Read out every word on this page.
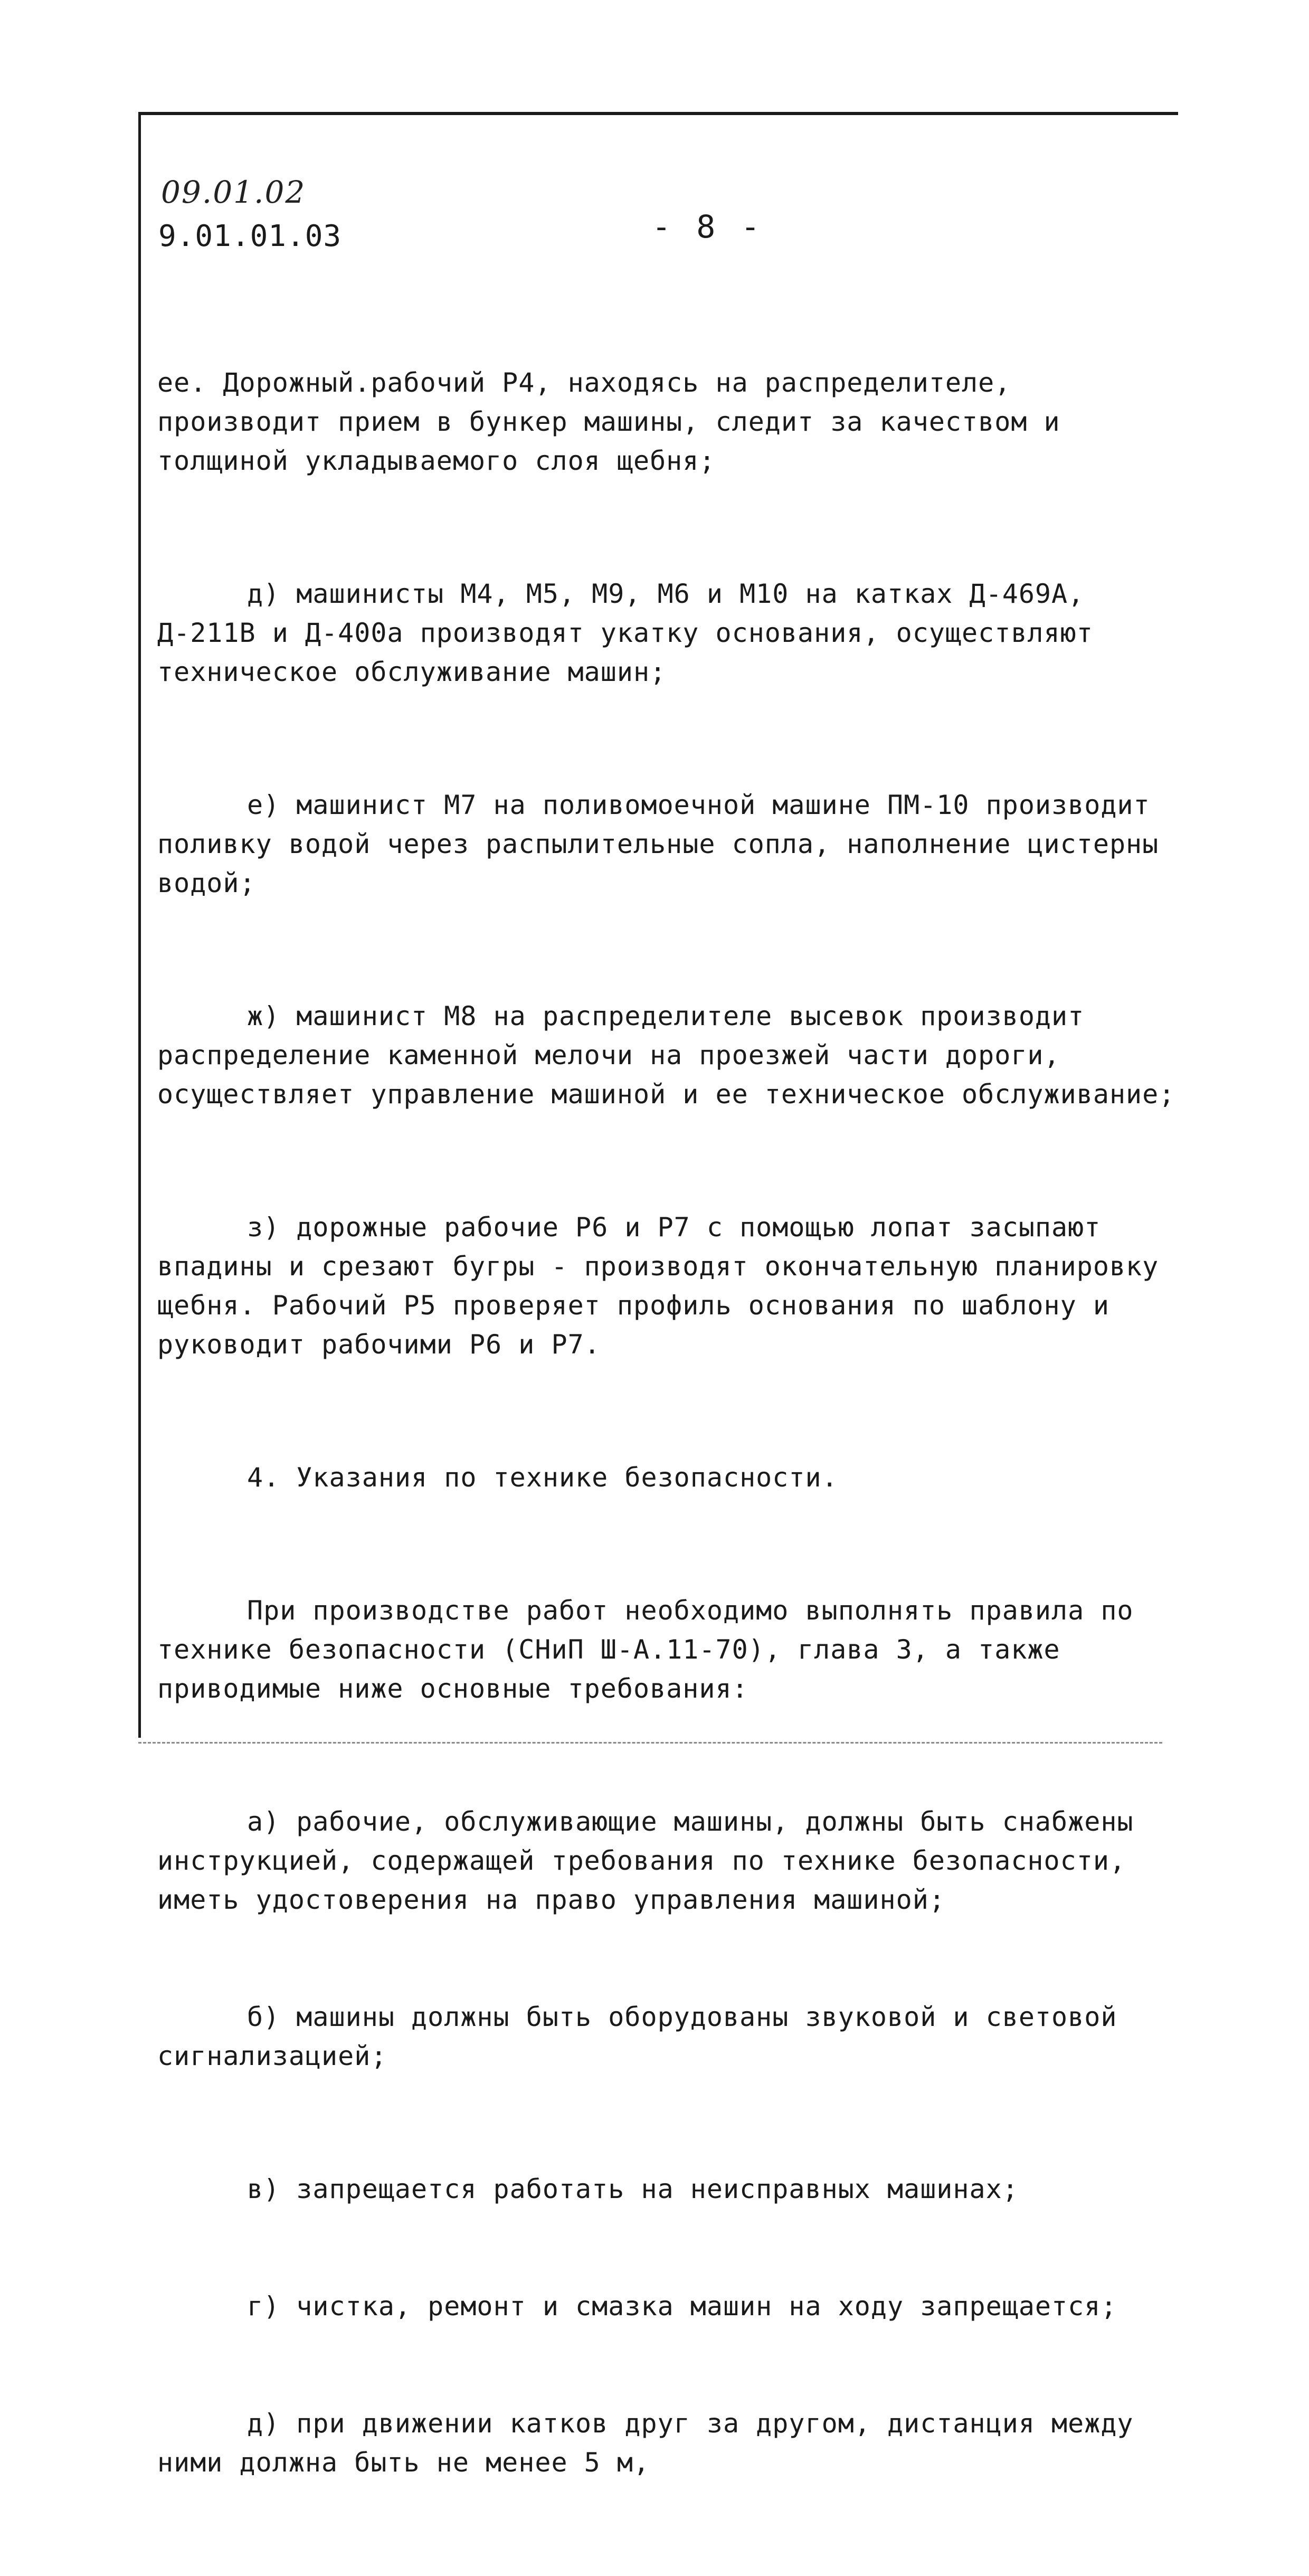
09.01.02
9.01.01.03	- 8 -

ее. Дорожный.рабочий Р4, находясь на распределителе, производит прием в бункер машины, следит за качеством и толщиной укладываемого слоя щебня;

д) машинисты М4, М5, М9, М6 и М10 на катках Д-469А, Д-211В и Д-400а производят укатку основания, осуществляют техническое обслуживание машин;

е) машинист М7 на поливомоечной машине ПМ-10 производит поливку водой через распылительные сопла, наполнение цистерны водой;

ж) машинист М8 на распределителе высевок производит распределение каменной мелочи на проезжей части дороги, осуществляет управление машиной и ее техническое обслуживание;

з) дорожные рабочие Р6 и Р7 с помощью лопат засыпают впадины и срезают бугры - производят окончательную планировку щебня. Рабочий Р5 проверяет профиль основания по шаблону и руководит рабочими Р6 и Р7.

4. Указания по технике безопасности.

При производстве работ необходимо выполнять правила по технике безопасности (СНиП Ш-А.11-70), глава 3, а также приводимые ниже основные требования:

а) рабочие, обслуживающие машины, должны быть снабжены инструкцией, содержащей требования по технике безопасности, иметь удостоверения на право управления машиной;

б) машины должны быть оборудованы звуковой и световой сигнализацией;

в) запрещается работать на неисправных машинах;

г) чистка, ремонт и смазка машин на ходу запрещается;

д) при движении катков друг за другом, дистанция между ними должна быть не менее 5 м,
